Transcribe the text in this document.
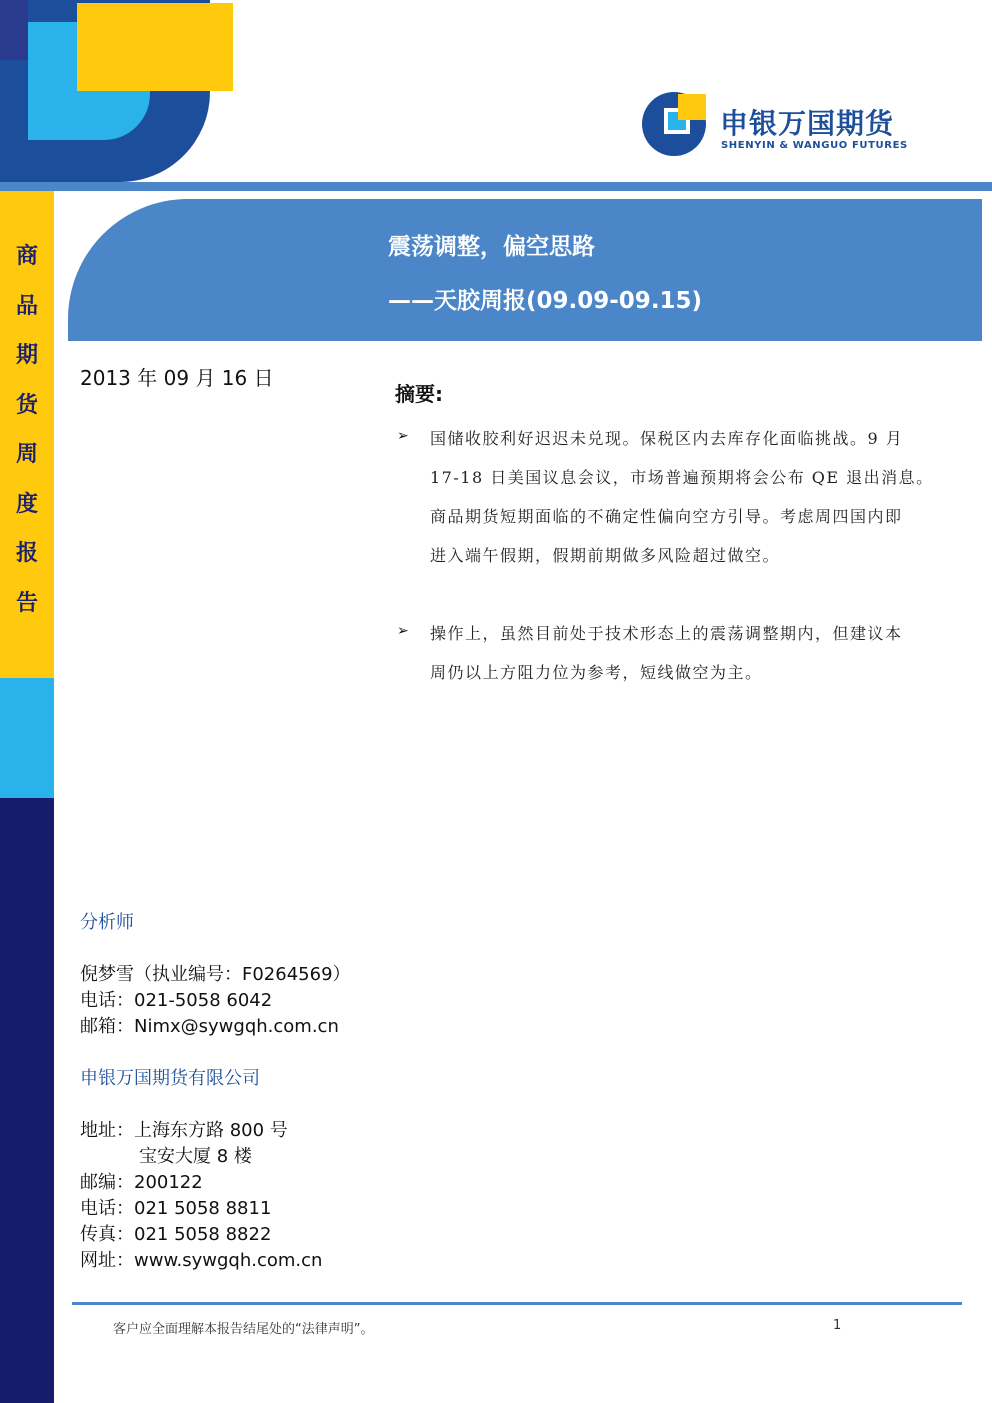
申银万国期货
SHENYIN & WANGUO FUTURES
商
品
期
货
周
度
报
告
震荡调整，偏空思路
——天胶周报(09.09-09.15)
2013 年 09 月 16 日
摘要:
➢ 国储收胶利好迟迟未兑现。保税区内去库存化面临挑战。9 月
17-18 日美国议息会议，市场普遍预期将会公布 QE 退出消息。
商品期货短期面临的不确定性偏向空方引导。考虑周四国内即
进入端午假期，假期前期做多风险超过做空。
➢ 操作上，虽然目前处于技术形态上的震荡调整期内，但建议本
周仍以上方阻力位为参考，短线做空为主。
分析师
倪梦雪（执业编号：F0264569）
电话：021-5058 6042
邮箱：Nimx@sywgqh.com.cn
申银万国期货有限公司
地址：上海东方路 800 号
宝安大厦 8 楼
邮编：200122
电话：021 5058 8811
传真：021 5058 8822
网址：www.sywgqh.com.cn
客户应全面理解本报告结尾处的“法律声明”。	1
